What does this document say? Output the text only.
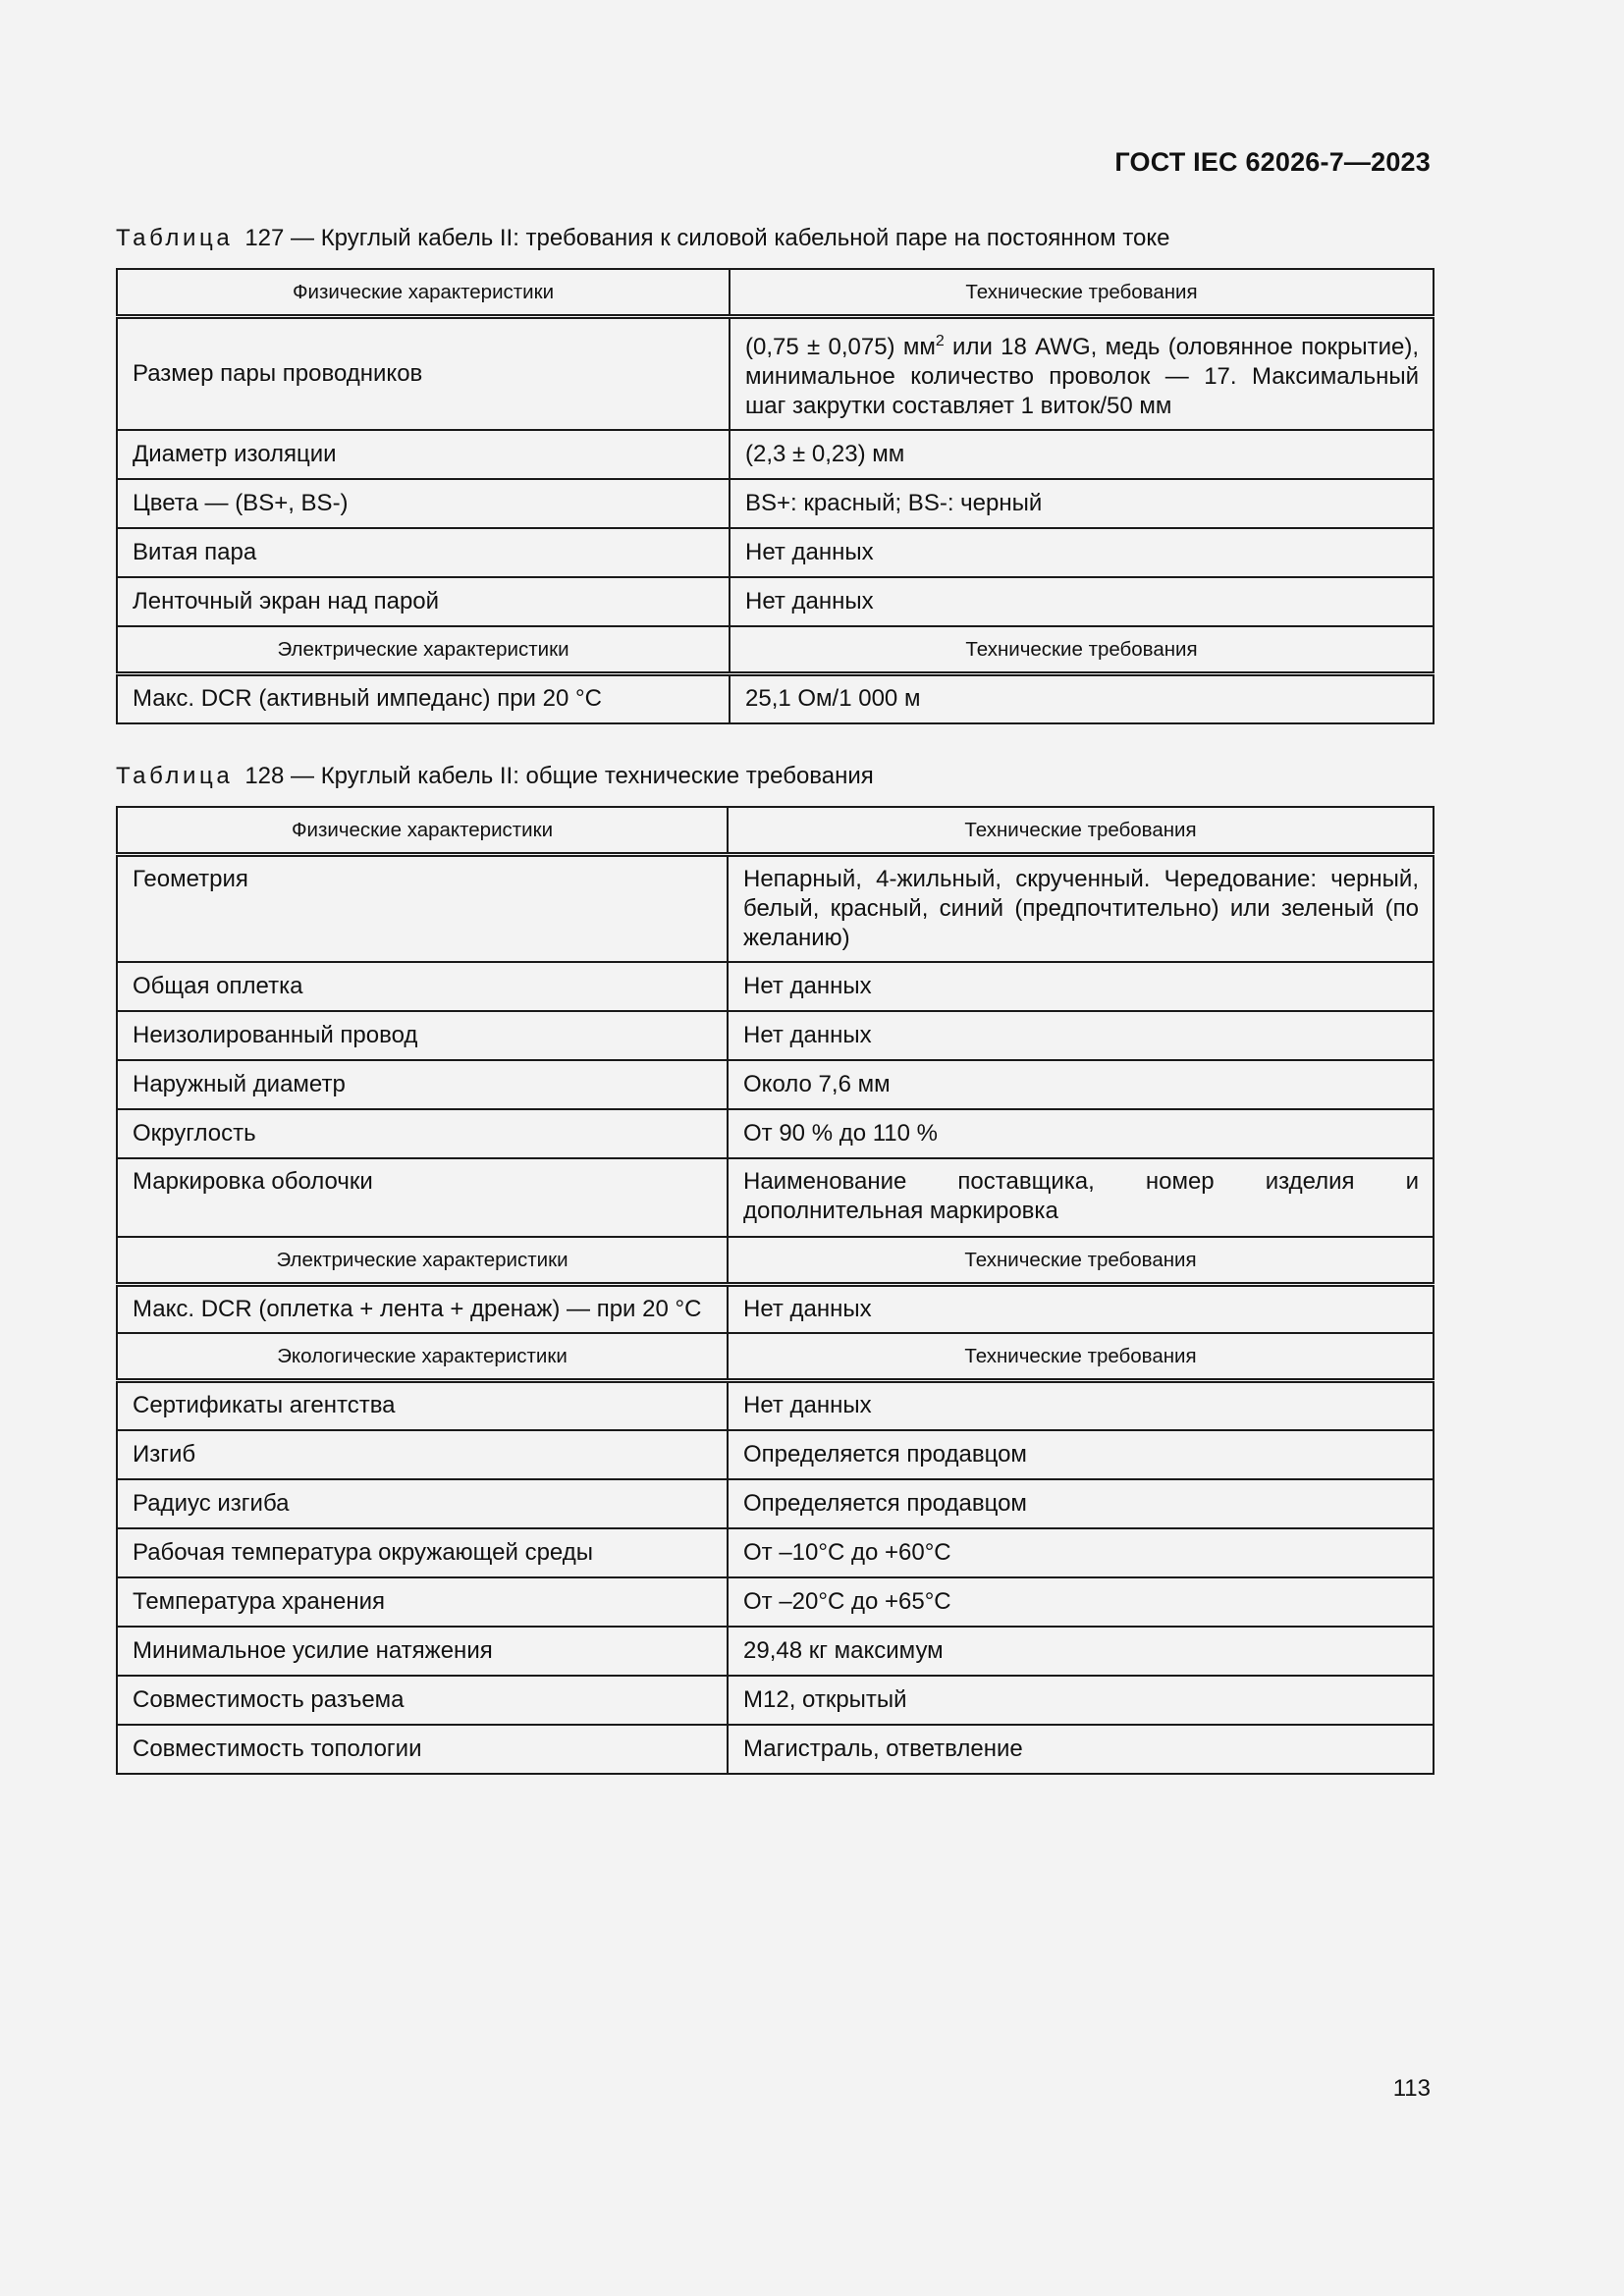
ГОСТ IEC 62026-7—2023
Таблица 127 — Круглый кабель II: требования к силовой кабельной паре на постоянном токе
Физические характеристики	Технические требования
Размер пары проводников	(0,75 ± 0,075) $мм^2$ или 18 AWG, медь (оловянное покрытие), минимальное количество проволок — 17. Максимальный шаг закрутки составляет 1 виток/50 мм
Диаметр изоляции	(2,3 ± 0,23) мм
Цвета — (BS+, BS-)	BS+: красный; BS-: черный
Витая пара	Нет данных
Ленточный экран над парой	Нет данных
Электрические характеристики	Технические требования
Макс. DCR (активный импеданс) при 20 °C	25,1 Ом/1 000 м
Таблица 128 — Круглый кабель II: общие технические требования
Физические характеристики	Технические требования
Геометрия	Непарный, 4-жильный, скрученный. Чередование: черный, белый, красный, синий (предпочтительно) или зеленый (по желанию)
Общая оплетка	Нет данных
Неизолированный провод	Нет данных
Наружный диаметр	Около 7,6 мм
Округлость	От 90 % до 110 %
Маркировка оболочки	Наименование поставщика, номер изделия и дополнительная маркировка
Электрические характеристики	Технические требования
Макс. DCR (оплетка + лента + дренаж) — при 20 °C	Нет данных
Экологические характеристики	Технические требования
Сертификаты агентства	Нет данных
Изгиб	Определяется продавцом
Радиус изгиба	Определяется продавцом
Рабочая температура окружающей среды	От –10°C до +60°C
Температура хранения	От –20°C до +65°C
Минимальное усилие натяжения	29,48 кг максимум
Совместимость разъема	М12, открытый
Совместимость топологии	Магистраль, ответвление
113
